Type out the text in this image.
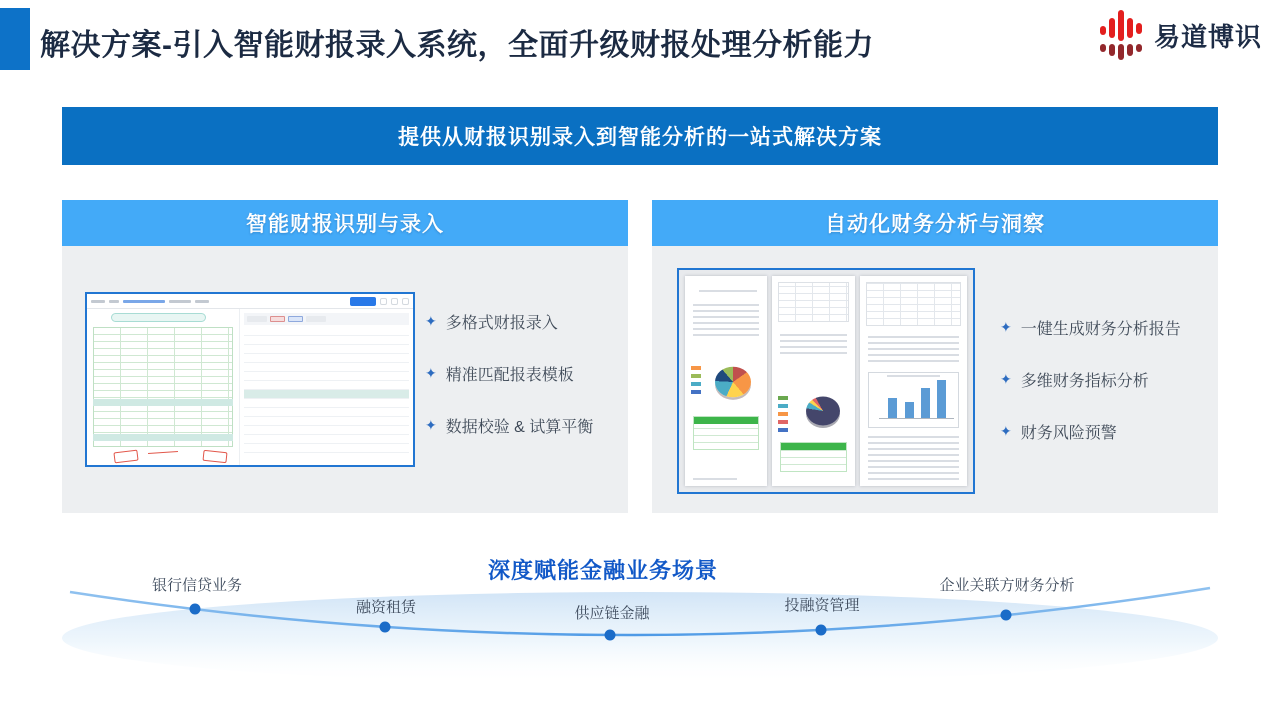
解决方案-引入智能财报录入系统，全面升级财报处理分析能力	易道博识
提供从财报识别录入到智能分析的一站式解决方案
智能财报识别与录入
✦ 多格式财报录入
✦ 精准匹配报表模板
✦ 数据校验 & 试算平衡
自动化财务分析与洞察
✦ 一健生成财务分析报告
✦ 多维财务指标分析
✦ 财务风险预警
深度赋能金融业务场景
银行信贷业务
融资租赁	供应链金融	投融资管理
企业关联方财务分析
